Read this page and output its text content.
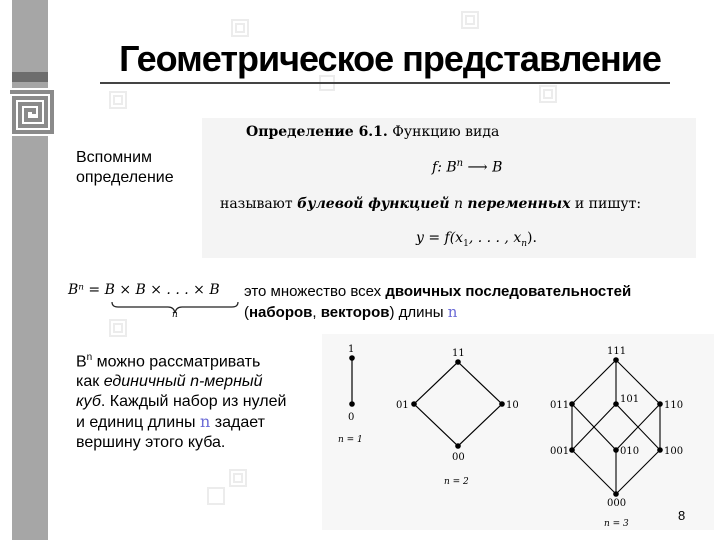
Геометрическое представление
Вспомним определение
Определение 6.1. Функцию вида
f: $B^n$ ⟶ B
называют булевой функцией n переменных и пишут:
$y = f(x_1$, . . . , $x_n$).
Bⁿ = B × B × . . . × B
n
это множество всех двоичных последовательностей
(наборов, векторов) длины n
$B^n$ можно рассматривать
как единичный n-мерный
куб. Каждый набор из нулей
и единиц длины n задает
вершину этого куба.
1
0
n = 1
11
01	10
00
n = 2
111
011
101
110
001	010 100
000
n = 3
8
